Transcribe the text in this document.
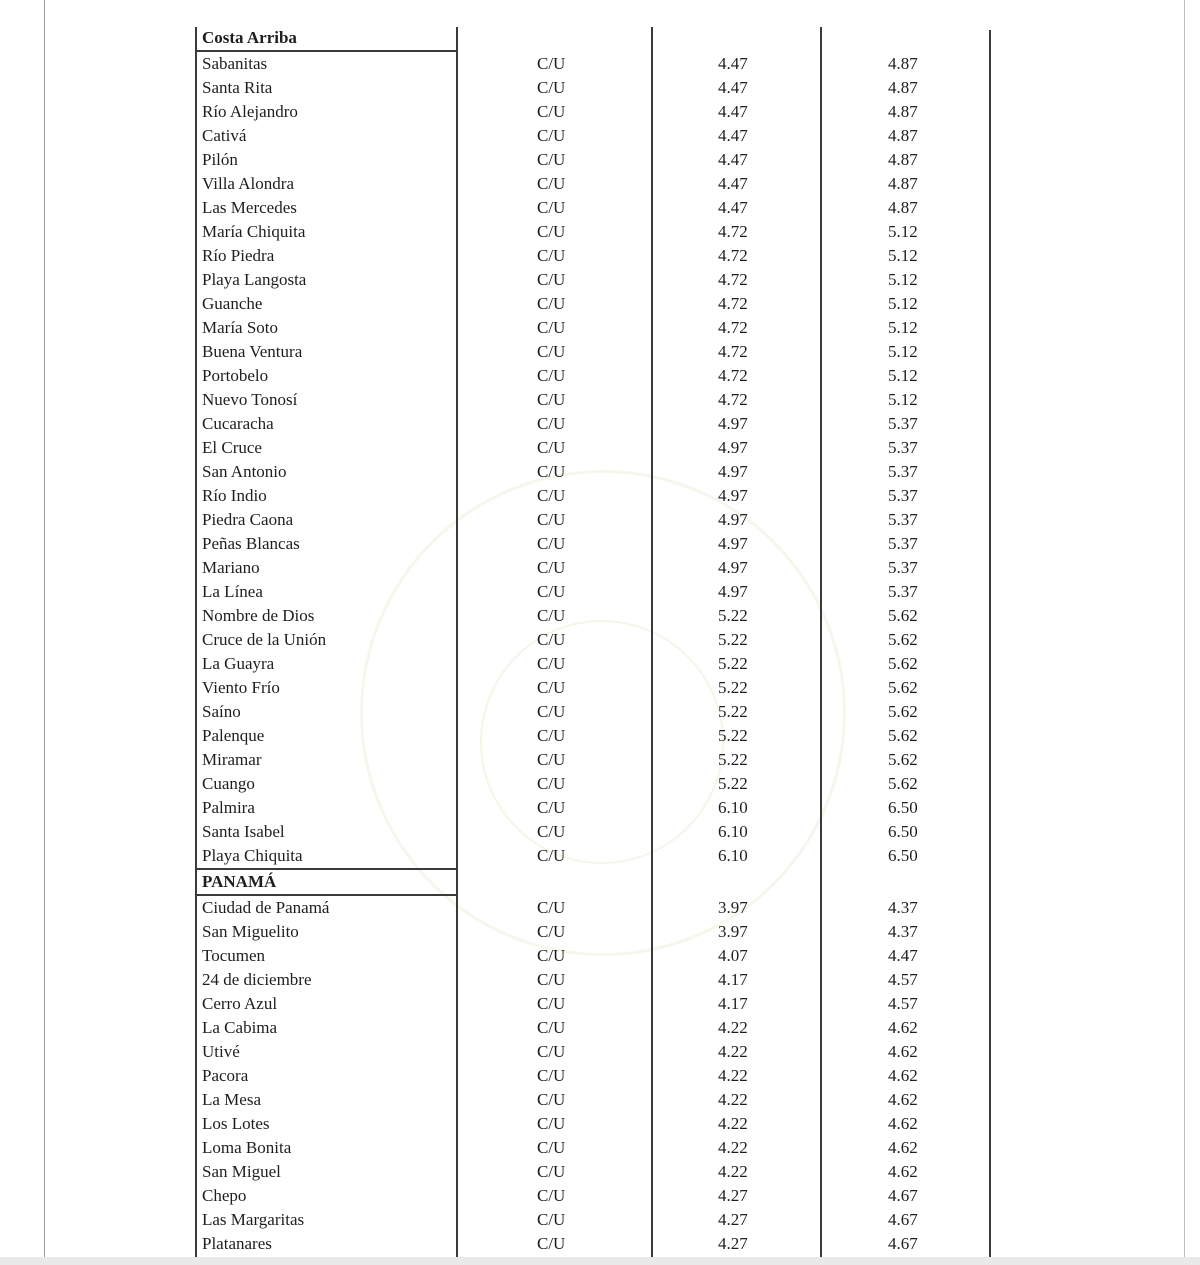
Costa Arriba
Sabanitas	C/U	4.47	4.87
Santa Rita	C/U	4.47	4.87
Río Alejandro	C/U	4.47	4.87
Cativá	C/U	4.47	4.87
Pilón	C/U	4.47	4.87
Villa Alondra	C/U	4.47	4.87
Las Mercedes	C/U	4.47	4.87
María Chiquita	C/U	4.72	5.12
Río Piedra	C/U	4.72	5.12
Playa Langosta	C/U	4.72	5.12
Guanche	C/U	4.72	5.12
María Soto	C/U	4.72	5.12
Buena Ventura	C/U	4.72	5.12
Portobelo	C/U	4.72	5.12
Nuevo Tonosí	C/U	4.72	5.12
Cucaracha	C/U	4.97	5.37
El Cruce	C/U	4.97	5.37
San Antonio	C/U	4.97	5.37
Río Indio	C/U	4.97	5.37
Piedra Caona	C/U	4.97	5.37
Peñas Blancas	C/U	4.97	5.37
Mariano	C/U	4.97	5.37
La Línea	C/U	4.97	5.37
Nombre de Dios	C/U	5.22	5.62
Cruce de la Unión	C/U	5.22	5.62
La Guayra	C/U	5.22	5.62
Viento Frío	C/U	5.22	5.62
Saíno	C/U	5.22	5.62
Palenque	C/U	5.22	5.62
Miramar	C/U	5.22	5.62
Cuango	C/U	5.22	5.62
Palmira	C/U	6.10	6.50
Santa Isabel	C/U	6.10	6.50
Playa Chiquita	C/U	6.10	6.50
PANAMÁ
Ciudad de Panamá	C/U	3.97	4.37
San Miguelito	C/U	3.97	4.37
Tocumen	C/U	4.07	4.47
24 de diciembre	C/U	4.17	4.57
Cerro Azul	C/U	4.17	4.57
La Cabima	C/U	4.22	4.62
Utivé	C/U	4.22	4.62
Pacora	C/U	4.22	4.62
La Mesa	C/U	4.22	4.62
Los Lotes	C/U	4.22	4.62
Loma Bonita	C/U	4.22	4.62
San Miguel	C/U	4.22	4.62
Chepo	C/U	4.27	4.67
Las Margaritas	C/U	4.27	4.67
Platanares	C/U	4.27	4.67
